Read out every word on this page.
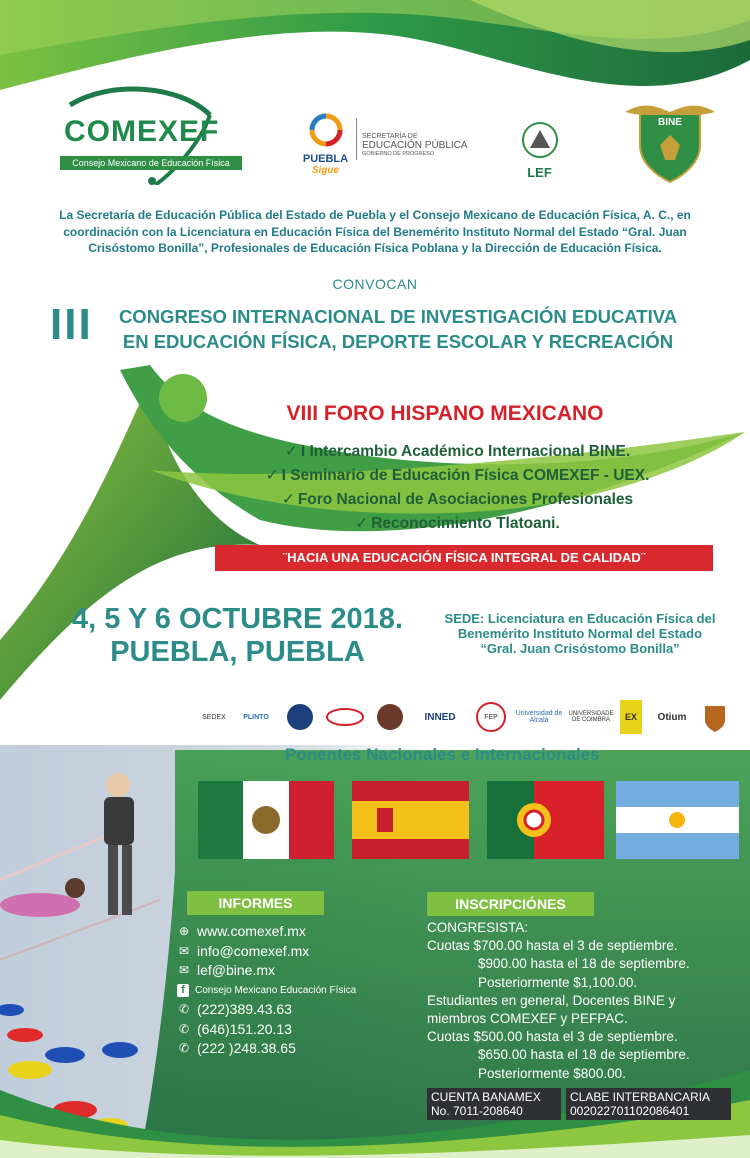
COMEXEF
Consejo Mexicano de Educación Física	PUEBLA
Sigue
SECRETARÍA DE
EDUCACIÓN PÚBLICA
GOBIERNO DE PROGRESO
LEF
BINE
La Secretaría de Educación Pública del Estado de Puebla y el Consejo Mexicano de Educación Física, A. C., en coordinación con la Licenciatura en Educación Física del Benemérito Instituto Normal del Estado “Gral. Juan Crisóstomo Bonilla”, Profesionales de Educación Física Poblana y la Dirección de Educación Física.
CONVOCAN
III	CONGRESO INTERNACIONAL DE INVESTIGACIÓN EDUCATIVA
EN EDUCACIÓN FÍSICA, DEPORTE ESCOLAR Y RECREACIÓN
VIII FORO HISPANO MEXICANO
✓ I Intercambio Académico Internacional BINE.
✓ I Seminario de Educación Física COMEXEF - UEX.
✓ Foro Nacional de Asociaciones Profesionales
✓ Reconocimiento Tlatoani.
¨HACIA UNA EDUCACIÓN FÍSICA INTEGRAL DE CALIDAD¨
4, 5 Y 6 OCTUBRE 2018.
PUEBLA, PUEBLA
SEDE: Licenciatura en Educación Física del
Benemérito Instituto Normal del Estado
“Gral. Juan Crisóstomo Bonilla”
SEDEX PLINTO	INNED	FEP	Universidad de Alcalá
UNIVERSIDADE DE COIMBRA	EX Otium
Ponentes Nacionales e Internacionales
INFORMES
⊕ www.comexef.mx
✉ info@comexef.mx
✉ lef@bine.mx
f	Consejo Mexicano Educación Física
✆ (222)389.43.63
✆ (646)151.20.13
✆ (222 )248.38.65
INSCRIPCIÓNES
CONGRESISTA:
Cuotas $700.00 hasta el 3 de septiembre.
$900.00 hasta el 18 de septiembre.
Posteriormente $1,100.00.
Estudiantes en general, Docentes BINE y
miembros COMEXEF y PEFPAC.
Cuotas $500.00 hasta el 3 de septiembre.
$650.00 hasta el 18 de septiembre.
Posteriormente $800.00.
CUENTA BANAMEX
No. 7011-208640
CLABE INTERBANCARIA
002022701102086401
